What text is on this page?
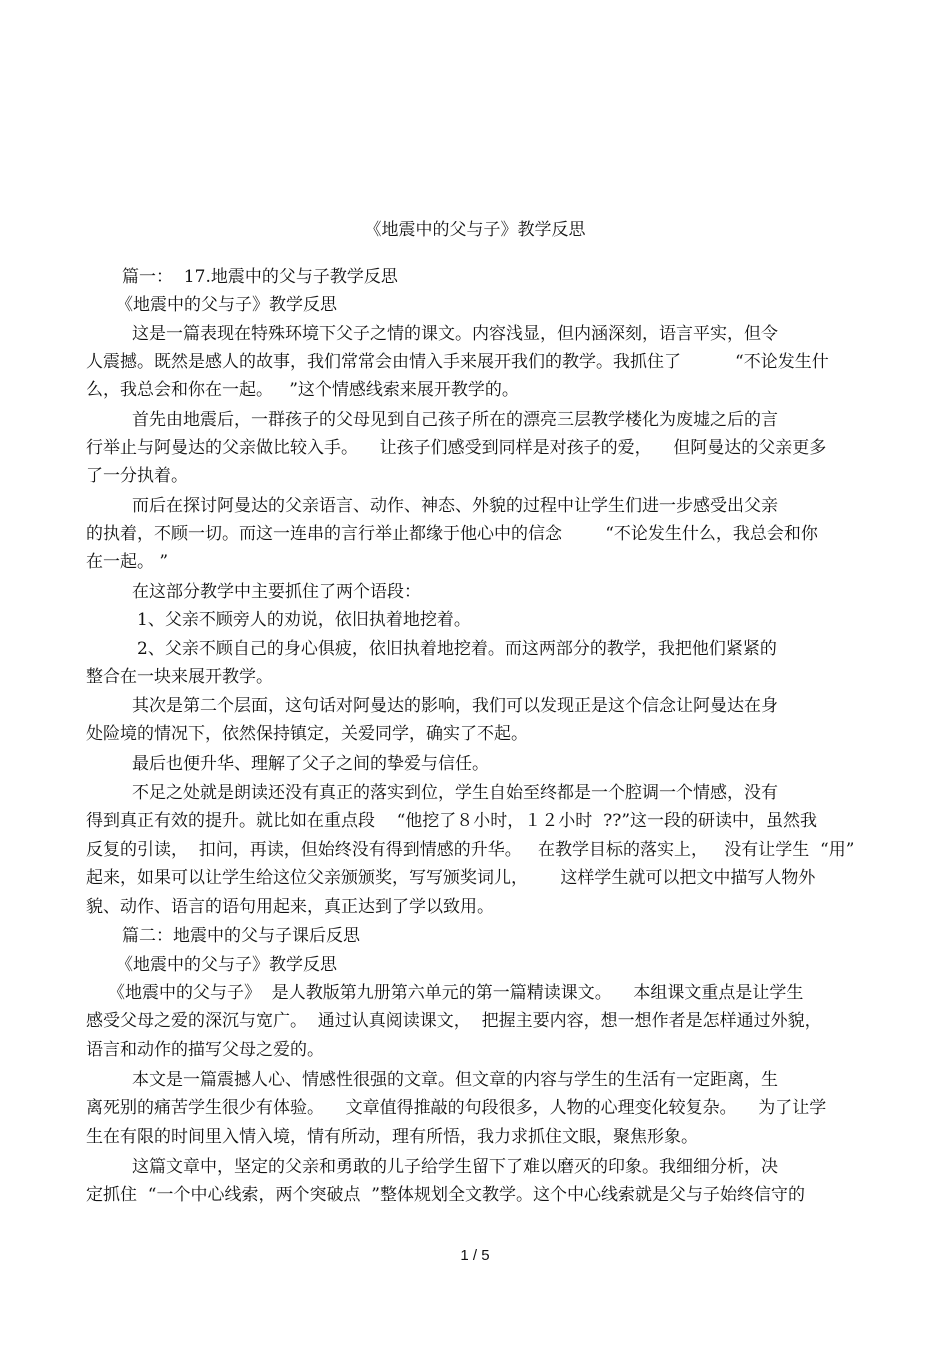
《地震中的父与子》教学反思
篇一：  17.地震中的父与子教学反思
《地震中的父与子》教学反思
这是一篇表现在特殊环境下父子之情的课文。内容浅显，但内涵深刻，语言平实，但令
人震撼。既然是感人的故事，我们常常会由情入手来展开我们的教学。我抓住了          “不论发生什
么，我总会和你在一起。   ”这个情感线索来展开教学的。
首先由地震后，一群孩子的父母见到自己孩子所在的漂亮三层教学楼化为废墟之后的言
行举止与阿曼达的父亲做比较入手。    让孩子们感受到同样是对孩子的爱，    但阿曼达的父亲更多
了一分执着。
而后在探讨阿曼达的父亲语言、动作、神态、外貌的过程中让学生们进一步感受出父亲
的执着，不顾一切。而这一连串的言行举止都缘于他心中的信念        “不论发生什么，我总会和你
在一起。 ”
在这部分教学中主要抓住了两个语段：
1、父亲不顾旁人的劝说，依旧执着地挖着。
2、父亲不顾自己的身心俱疲，依旧执着地挖着。而这两部分的教学，我把他们紧紧的
整合在一块来展开教学。
其次是第二个层面，这句话对阿曼达的影响，我们可以发现正是这个信念让阿曼达在身
处险境的情况下，依然保持镇定，关爱同学，确实了不起。
最后也便升华、理解了父子之间的挚爱与信任。
不足之处就是朗读还没有真正的落实到位，学生自始至终都是一个腔调一个情感，没有
得到真正有效的提升。就比如在重点段    “他挖了８小时，１２小时  ??”这一段的研读中，虽然我
反复的引读，  扣问，再读，但始终没有得到情感的升华。   在教学目标的落实上，   没有让学生  “用”
起来，如果可以让学生给这位父亲颁颁奖，写写颁奖词儿，      这样学生就可以把文中描写人物外
貌、动作、语言的语句用起来，真正达到了学以致用。
篇二：地震中的父与子课后反思
《地震中的父与子》教学反思
《地震中的父与子》  是人教版第九册第六单元的第一篇精读课文。    本组课文重点是让学生
感受父母之爱的深沉与宽广。  通过认真阅读课文，  把握主要内容，想一想作者是怎样通过外貌，
语言和动作的描写父母之爱的。
本文是一篇震撼人心、情感性很强的文章。但文章的内容与学生的生活有一定距离，生
离死别的痛苦学生很少有体验。    文章值得推敲的句段很多，人物的心理变化较复杂。    为了让学
生在有限的时间里入情入境，情有所动，理有所悟，我力求抓住文眼，聚焦形象。
这篇文章中，坚定的父亲和勇敢的儿子给学生留下了难以磨灭的印象。我细细分析，决
定抓住  “一个中心线索，两个突破点  ”整体规划全文教学。这个中心线索就是父与子始终信守的
1 / 5
